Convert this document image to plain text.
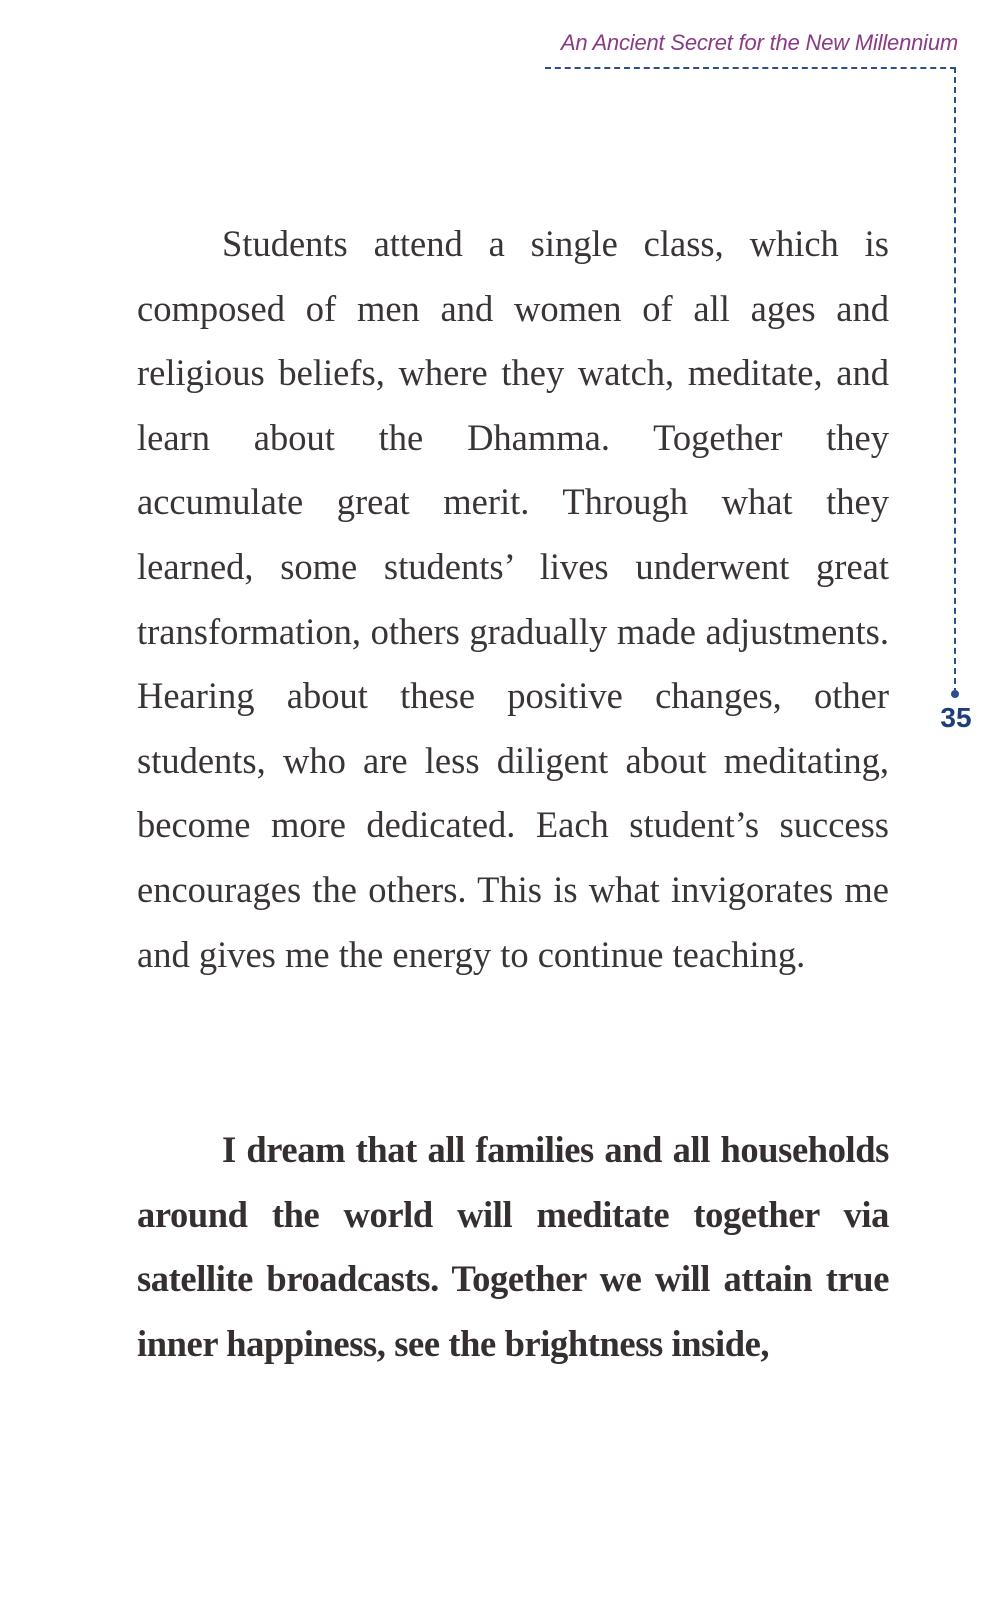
An Ancient Secret for the New Millennium
35

Students attend a single class, which is composed of men and women of all ages and religious beliefs, where they watch, meditate, and learn about the Dhamma. Together they accumulate great merit. Through what they learned, some students’ lives underwent great transformation, others gradually made adjustments. Hearing about these positive changes, other students, who are less diligent about meditating, become more dedicated. Each student’s success encourages the others. This is what invigorates me and gives me the energy to continue teaching.

I dream that all families and all households around the world will meditate together via satellite broadcasts. Together we will attain true inner happiness, see the brightness inside,
